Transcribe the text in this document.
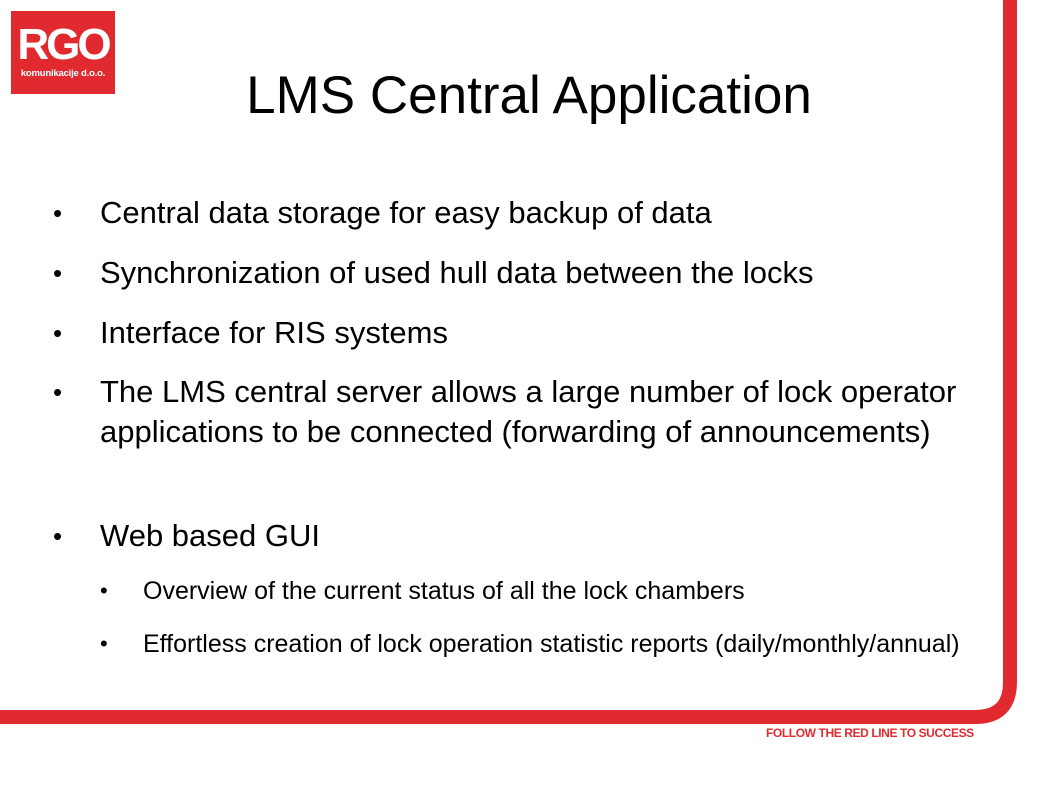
RGO
komunikacije d.o.o.	LMS Central Application
• Central data storage for easy backup of data
• Synchronization of used hull data between the locks
• Interface for RIS systems
• The LMS central server allows a large number of lock operator applications to be connected (forwarding of announcements)
• Web based GUI
• Overview of the current status of all the lock chambers
• Effortless creation of lock operation statistic reports (daily/monthly/annual)
FOLLOW THE RED LINE TO SUCCESS
